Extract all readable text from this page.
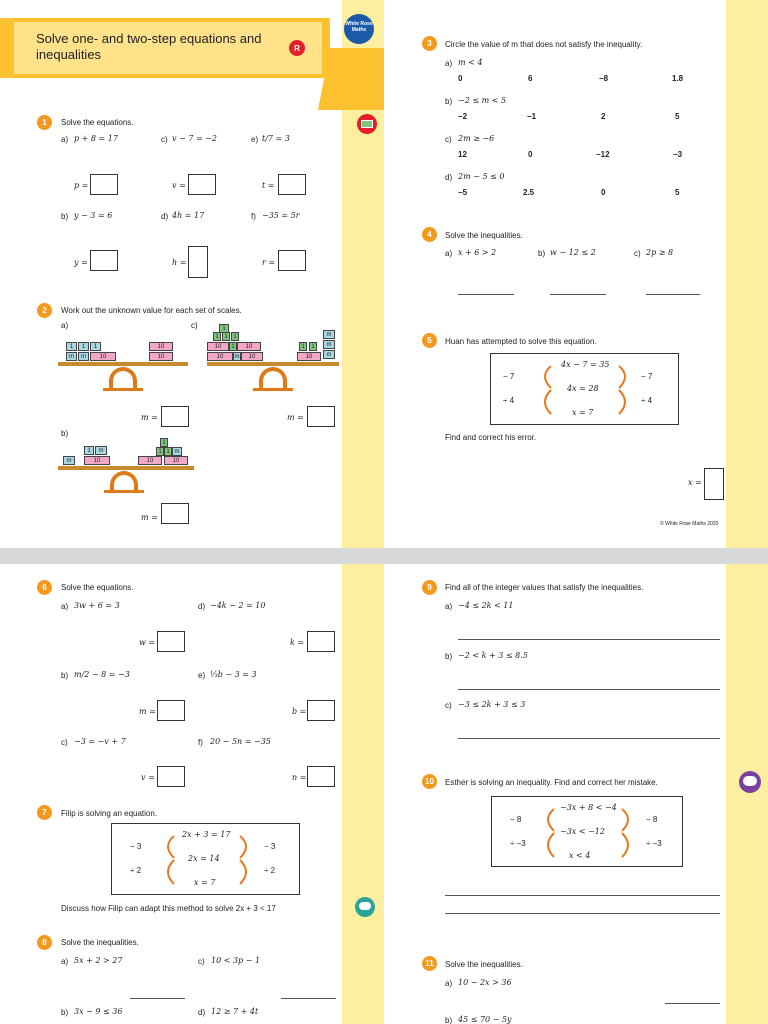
Solve one- and two-step equations and inequalities	R
White Rose Maths
1	Solve the equations.
a) p + 8 = 17	c) v − 7 = −2	e) t/7 = 3
p =	v =	t =
b) y − 3 = 6	d) 4h = 17	f) −35 = 5r
y =	h =	r =
2	Work out the unknown value for each set of scales.
a)	c)
1	1	1
m	m	10
10
10
1
1 1 1
10	1	10
10	m	10
m
m
1	1
10	m
m =	m =
b)
1	m
m	10
1
1 1 m
10	10
m =
3	Circle the value of m that does not satisfy the inequality.
a) m < 4
0	6	−8	1.8
b) −2 ≤ m < 5
−2	−1	2	5
c) 2m ≥ −6
12	0	−12	−3
d) 2m − 5 ≤ 0
−5	2.5	0	5
4	Solve the inequalities.
a) x + 6 > 2	b) w − 12 ≤ 2	c) 2p ≥ 8
5	Huan has attempted to solve this equation.
4x − 7 = 35
4x = 28
x = 7
− 7
÷ 4
− 7
÷ 4
Find and correct his error.
x =
© White Rose Maths 2020
6	Solve the equations.
a) 3w + 6 = 3	d) −4k − 2 = 10
w =	k =
b) m/2 − 8 = −3	e) ⅓b − 3 = 3
m =	b =
c) −3 = −v + 7	f) 20 − 5n = −35
v =	n =
7	Filip is solving an equation.
2x + 3 = 17
2x = 14
x = 7
− 3
÷ 2
− 3
÷ 2
Discuss how Filip can adapt this method to solve 2x + 3 < 17
8	Solve the inequalities.
a) 5x + 2 > 27	c) 10 < 3p − 1
b) 3x − 9 ≤ 36	d) 12 ≥ 7 + 4t
9	Find all of the integer values that satisfy the inequalities.
a) −4 ≤ 2k < 11
b) −2 < k + 3 ≤ 8.5
c) −3 ≤ 2k + 3 ≤ 3
10	Esther is solving an inequality. Find and correct her mistake.
−3x + 8 < −4
−3x < −12
x < 4
− 8
÷ −3
− 8
÷ −3
11	Solve the inequalities.
a) 10 − 2x > 36
b) 45 ≤ 70 − 5y
